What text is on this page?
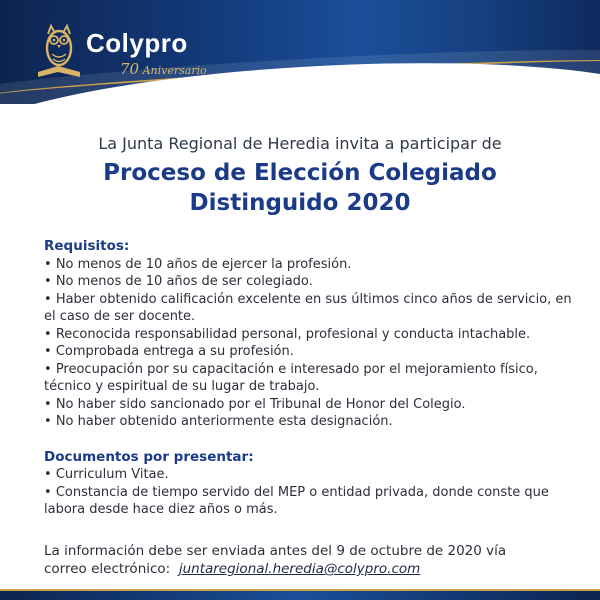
Colypro
70 Aniversario
La Junta Regional de Heredia invita a participar de
Proceso de Elección Colegiado
Distinguido 2020
Requisitos:
• No menos de 10 años de ejercer la profesión.
• No menos de 10 años de ser colegiado.
• Haber obtenido calificación excelente en sus últimos cinco años de servicio, en el caso de ser docente.
• Reconocida responsabilidad personal, profesional y conducta intachable.
• Comprobada entrega a su profesión.
• Preocupación por su capacitación e interesado por el mejoramiento físico, técnico y espiritual de su lugar de trabajo.
• No haber sido sancionado por el Tribunal de Honor del Colegio.
• No haber obtenido anteriormente esta designación.
Documentos por presentar:
• Curriculum Vitae.
• Constancia de tiempo servido del MEP o entidad privada, donde conste que labora desde hace diez años o más.
La información debe ser enviada antes del 9 de octubre de 2020 vía
correo electrónico: juntaregional.heredia@colypro.com
